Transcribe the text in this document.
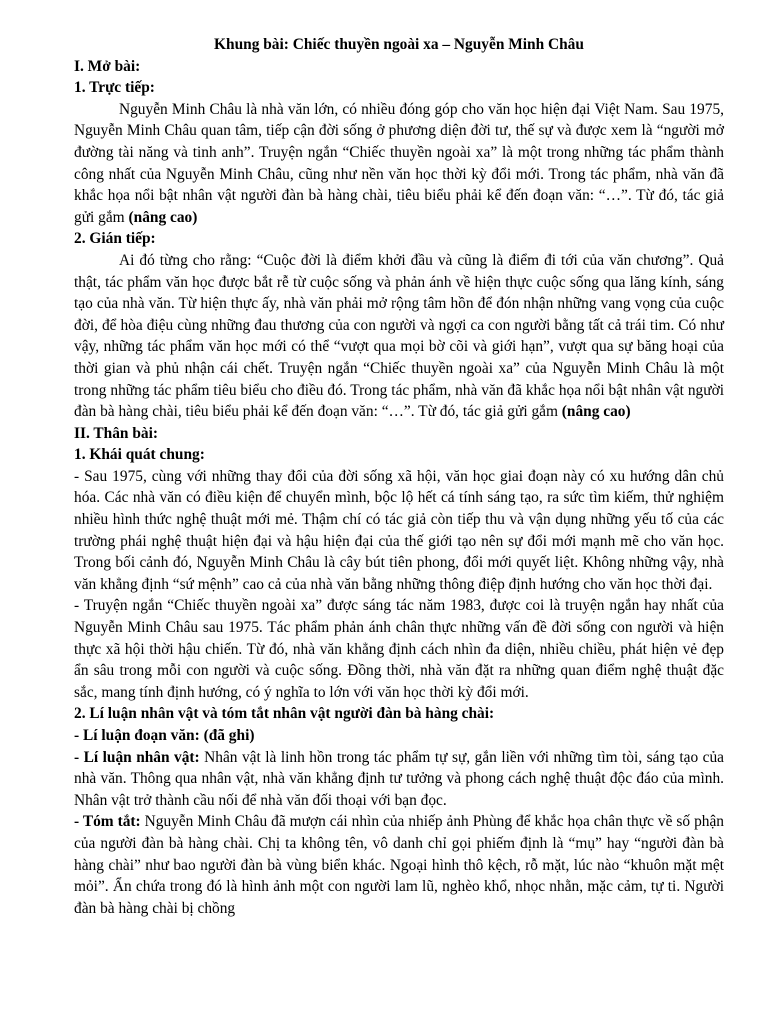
Khung bài: Chiếc thuyền ngoài xa – Nguyễn Minh Châu

I. Mở bài:

1. Trực tiếp:

Nguyễn Minh Châu là nhà văn lớn, có nhiều đóng góp cho văn học hiện đại Việt Nam. Sau 1975, Nguyễn Minh Châu quan tâm, tiếp cận đời sống ở phương diện đời tư, thế sự và được xem là “người mở đường tài năng và tinh anh”. Truyện ngắn “Chiếc thuyền ngoài xa” là một trong những tác phẩm thành công nhất của Nguyễn Minh Châu, cũng như nền văn học thời kỳ đổi mới. Trong tác phẩm, nhà văn đã khắc họa nổi bật nhân vật người đàn bà hàng chài, tiêu biểu phải kể đến đoạn văn: “…”. Từ đó, tác giả gửi gắm (nâng cao)

2. Gián tiếp:

Ai đó từng cho rằng: “Cuộc đời là điểm khởi đầu và cũng là điểm đi tới của văn chương”. Quả thật, tác phẩm văn học được bắt rễ từ cuộc sống và phản ánh về hiện thực cuộc sống qua lăng kính, sáng tạo của nhà văn. Từ hiện thực ấy, nhà văn phải mở rộng tâm hồn để đón nhận những vang vọng của cuộc đời, để hòa điệu cùng những đau thương của con người và ngợi ca con người bằng tất cả trái tim. Có như vậy, những tác phẩm văn học mới có thể “vượt qua mọi bờ cõi và giới hạn”, vượt qua sự băng hoại của thời gian và phủ nhận cái chết. Truyện ngắn “Chiếc thuyền ngoài xa” của Nguyễn Minh Châu là một trong những tác phẩm tiêu biểu cho điều đó. Trong tác phẩm, nhà văn đã khắc họa nổi bật nhân vật người đàn bà hàng chài, tiêu biểu phải kể đến đoạn văn: “…”. Từ đó, tác giả gửi gắm (nâng cao)

II. Thân bài:

1. Khái quát chung:

- Sau 1975, cùng với những thay đổi của đời sống xã hội, văn học giai đoạn này có xu hướng dân chủ hóa. Các nhà văn có điều kiện để chuyển mình, bộc lộ hết cá tính sáng tạo, ra sức tìm kiếm, thử nghiệm nhiều hình thức nghệ thuật mới mẻ. Thậm chí có tác giả còn tiếp thu và vận dụng những yếu tố của các trường phái nghệ thuật hiện đại và hậu hiện đại của thế giới tạo nên sự đổi mới mạnh mẽ cho văn học. Trong bối cảnh đó, Nguyễn Minh Châu là cây bút tiên phong, đổi mới quyết liệt. Không những vậy, nhà văn khẳng định “sứ mệnh” cao cả của nhà văn bằng những thông điệp định hướng cho văn học thời đại.

- Truyện ngắn “Chiếc thuyền ngoài xa” được sáng tác năm 1983, được coi là truyện ngắn hay nhất của Nguyễn Minh Châu sau 1975. Tác phẩm phản ánh chân thực những vấn đề đời sống con người và hiện thực xã hội thời hậu chiến. Từ đó, nhà văn khẳng định cách nhìn đa diện, nhiều chiều, phát hiện vẻ đẹp ẩn sâu trong mỗi con người và cuộc sống. Đồng thời, nhà văn đặt ra những quan điểm nghệ thuật đặc sắc, mang tính định hướng, có ý nghĩa to lớn với văn học thời kỳ đổi mới.

2. Lí luận nhân vật và tóm tắt nhân vật người đàn bà hàng chài:

- Lí luận đoạn văn: (đã ghi)

- Lí luận nhân vật: Nhân vật là linh hồn trong tác phẩm tự sự, gắn liền với những tìm tòi, sáng tạo của nhà văn. Thông qua nhân vật, nhà văn khẳng định tư tưởng và phong cách nghệ thuật độc đáo của mình. Nhân vật trở thành cầu nối để nhà văn đối thoại với bạn đọc.

- Tóm tắt: Nguyễn Minh Châu đã mượn cái nhìn của nhiếp ảnh Phùng để khắc họa chân thực về số phận của người đàn bà hàng chài. Chị ta không tên, vô danh chỉ gọi phiếm định là “mụ” hay “người đàn bà hàng chài” như bao người đàn bà vùng biển khác. Ngoại hình thô kệch, rỗ mặt, lúc nào “khuôn mặt mệt mỏi”. Ẩn chứa trong đó là hình ảnh một con người lam lũ, nghèo khổ, nhọc nhằn, mặc cảm, tự ti. Người đàn bà hàng chài bị chồng
